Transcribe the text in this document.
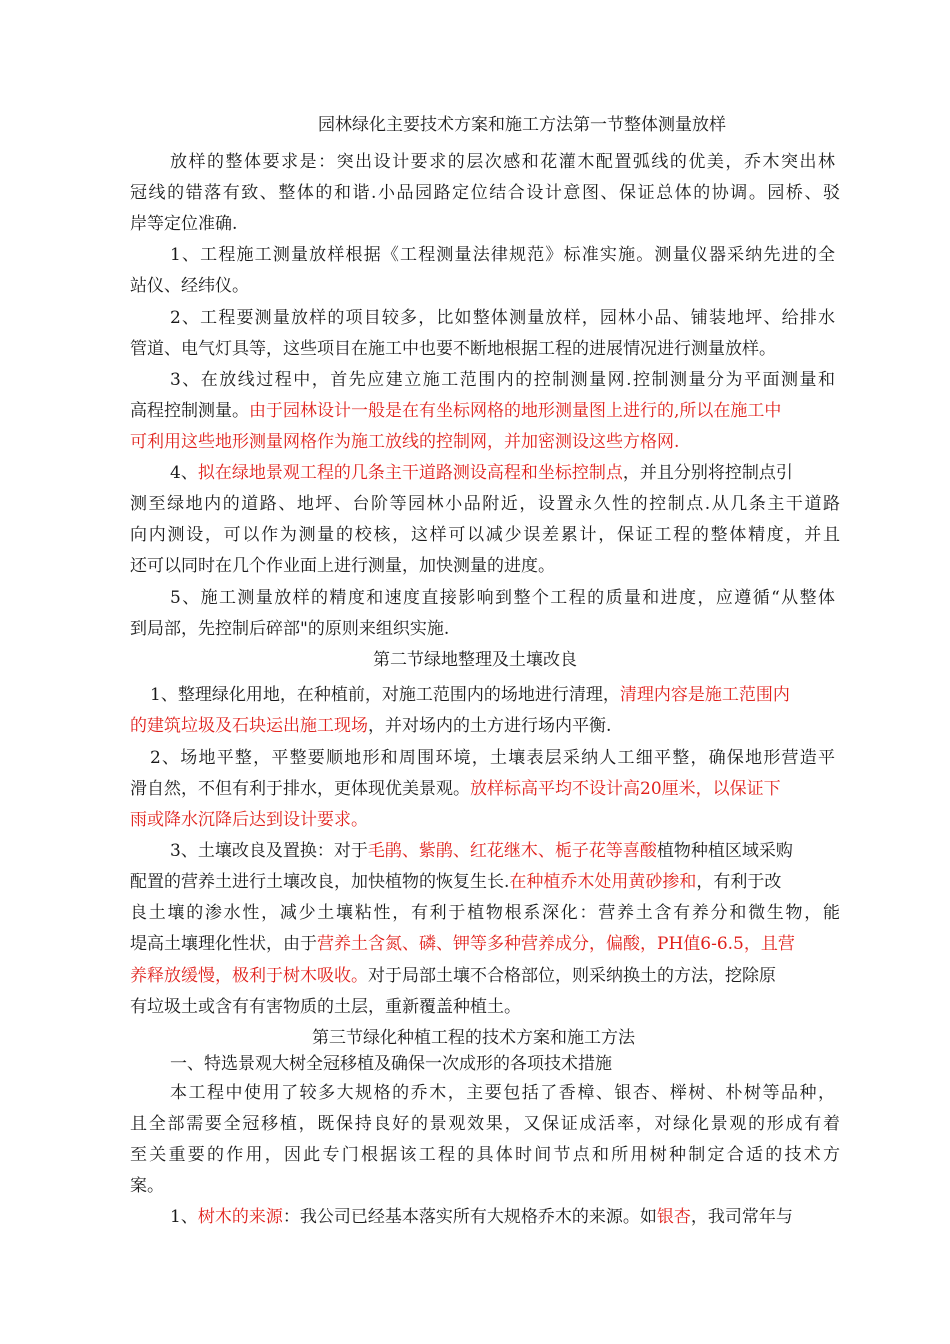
园林绿化主要技术方案和施工方法第一节整体测量放样
放样的整体要求是：突出设计要求的层次感和花灌木配置弧线的优美，乔木突出林
冠线的错落有致、整体的和谐.小品园路定位结合设计意图、保证总体的协调。园桥、驳
岸等定位准确.
1、工程施工测量放样根据《工程测量法律规范》标准实施。测量仪器采纳先进的全
站仪、经纬仪。
2、工程要测量放样的项目较多，比如整体测量放样，园林小品、铺装地坪、给排水
管道、电气灯具等，这些项目在施工中也要不断地根据工程的进展情况进行测量放样。
3、在放线过程中，首先应建立施工范围内的控制测量网.控制测量分为平面测量和
高程控制测量。由于园林设计一般是在有坐标网格的地形测量图上进行的,所以在施工中
可利用这些地形测量网格作为施工放线的控制网，并加密测设这些方格网.
4、拟在绿地景观工程的几条主干道路测设高程和坐标控制点，并且分别将控制点引
测至绿地内的道路、地坪、台阶等园林小品附近，设置永久性的控制点.从几条主干道路
向内测设，可以作为测量的校核，这样可以减少误差累计，保证工程的整体精度，并且
还可以同时在几个作业面上进行测量，加快测量的进度。
5、施工测量放样的精度和速度直接影响到整个工程的质量和进度，应遵循“从整体
到局部，先控制后碎部"的原则来组织实施.
第二节绿地整理及土壤改良
1、整理绿化用地，在种植前，对施工范围内的场地进行清理，清理内容是施工范围内
的建筑垃圾及石块运出施工现场，并对场内的土方进行场内平衡.
2、场地平整，平整要顺地形和周围环境，土壤表层采纳人工细平整，确保地形营造平
滑自然，不但有利于排水，更体现优美景观。放样标高平均不设计高20厘米，以保证下
雨或降水沉降后达到设计要求。
3、土壤改良及置换：对于毛鹃、紫鹃、红花继木、栀子花等喜酸植物种植区域采购
配置的营养土进行土壤改良，加快植物的恢复生长.在种植乔木处用黄砂掺和，有利于改
良土壤的渗水性，减少土壤粘性，有利于植物根系深化：营养土含有养分和微生物，能
堤高土壤理化性状，由于营养土含氮、磷、钾等多种营养成分，偏酸，PH值6-6.5，且营
养释放缓慢，极利于树木吸收。对于局部土壤不合格部位，则采纳换土的方法，挖除原
有垃圾土或含有有害物质的土层，重新覆盖种植土。
第三节绿化种植工程的技术方案和施工方法
一、特选景观大树全冠移植及确保一次成形的各项技术措施
本工程中使用了较多大规格的乔木，主要包括了香樟、银杏、榉树、朴树等品种，
且全部需要全冠移植，既保持良好的景观效果，又保证成活率，对绿化景观的形成有着
至关重要的作用，因此专门根据该工程的具体时间节点和所用树种制定合适的技术方
案。
1、树木的来源：我公司已经基本落实所有大规格乔木的来源。如银杏，我司常年与
